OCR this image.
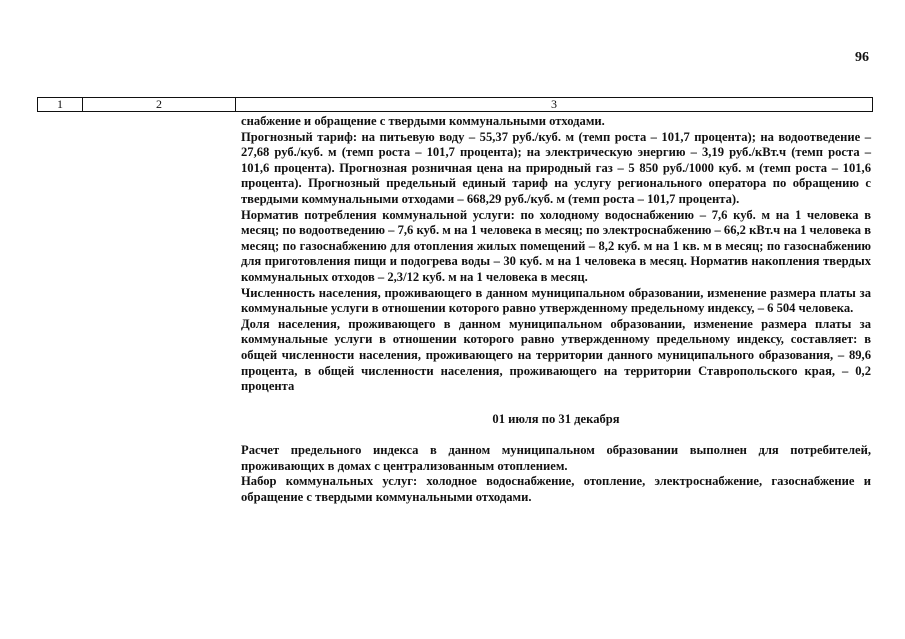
96
1	2	3

снабжение и обращение с твердыми коммунальными отходами.

Прогнозный тариф: на питьевую воду – 55,37 руб./куб. м (темп роста – 101,7 процента); на водоотведение – 27,68 руб./куб. м (темп роста – 101,7 процента); на электрическую энергию – 3,19 руб./кВт.ч (темп роста – 101,6 процента). Прогнозная розничная цена на природный газ – 5 850 руб./1000 куб. м (темп роста – 101,6 процента). Прогнозный предельный единый тариф на услугу регионального оператора по обращению с твердыми коммунальными отходами – 668,29 руб./куб. м (темп роста – 101,7 процента).

Норматив потребления коммунальной услуги: по холодному водоснабжению – 7,6 куб. м на 1 человека в месяц; по водоотведению – 7,6 куб. м на 1 человека в месяц; по электроснабжению – 66,2 кВт.ч на 1 человека в месяц; по газоснабжению для отопления жилых помещений – 8,2 куб. м на 1 кв. м в месяц; по газоснабжению для приготовления пищи и подогрева воды – 30 куб. м на 1 человека в месяц. Норматив накопления твердых коммунальных отходов – 2,3/12 куб. м на 1 человека в месяц.

Численность населения, проживающего в данном муниципальном образовании, изменение размера платы за коммунальные услуги в отношении которого равно утвержденному предельному индексу, – 6 504 человека.

Доля населения, проживающего в данном муниципальном образовании, изменение размера платы за коммунальные услуги в отношении которого равно утвержденному предельному индексу, составляет: в общей численности населения, проживающего на территории данного муниципального образования, – 89,6 процента, в общей численности населения, проживающего на территории Ставропольского края, – 0,2 процента

01 июля по 31 декабря

Расчет предельного индекса в данном муниципальном образовании выполнен для потребителей, проживающих в домах с централизованным отоплением.

Набор коммунальных услуг: холодное водоснабжение, отопление, электроснабжение, газоснабжение и обращение с твердыми коммунальными отходами.
